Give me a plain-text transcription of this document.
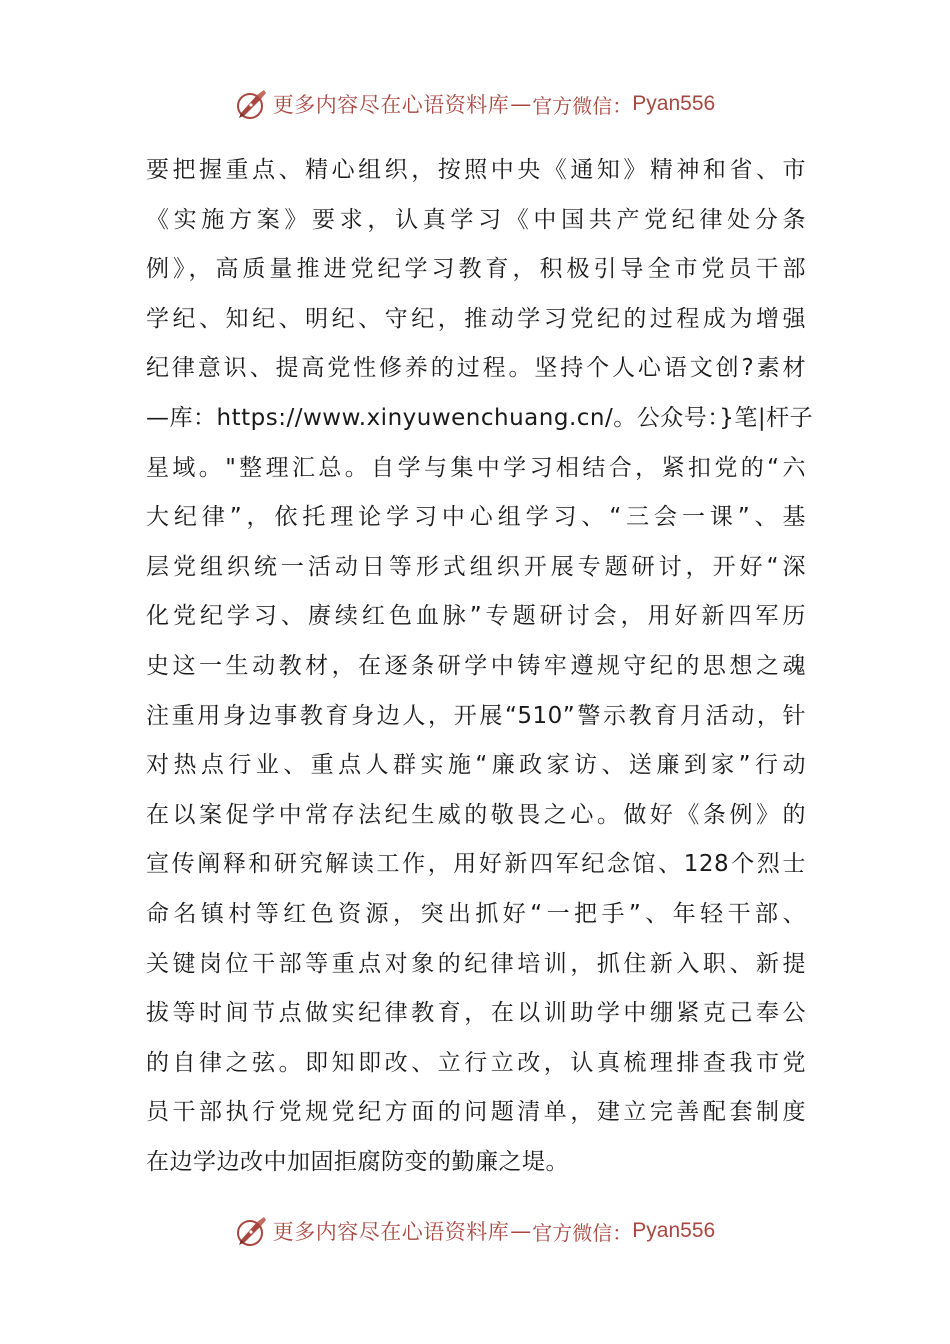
更多内容尽在心语资料库 — 官方微信： Pyan556
要把握重点、精心组织，按照中央《通知》精神和省、市
《实施方案》要求，认真学习《中国共产党纪律处分条
例》，高质量推进党纪学习教育，积极引导全市党员干部
学纪、知纪、明纪、守纪，推动学习党纪的过程成为增强
纪律意识、提高党性修养的过程。坚持个人心语文创?素材
—库：https://www.xinyuwenchuang.cn/。公众号：}笔|杆子
星域。"整理汇总。自学与集中学习相结合，紧扣党的“六
大纪律”，依托理论学习中心组学习、“三会一课”、基
层党组织统一活动日等形式组织开展专题研讨，开好“深
化党纪学习、赓续红色血脉”专题研讨会，用好新四军历
史这一生动教材，在逐条研学中铸牢遵规守纪的思想之魂
注重用身边事教育身边人，开展“510”警示教育月活动，针
对热点行业、重点人群实施“廉政家访、送廉到家”行动
在以案促学中常存法纪生威的敬畏之心。做好《条例》的
宣传阐释和研究解读工作，用好新四军纪念馆、128个烈士
命名镇村等红色资源，突出抓好“一把手”、年轻干部、
关键岗位干部等重点对象的纪律培训，抓住新入职、新提
拔等时间节点做实纪律教育，在以训助学中绷紧克己奉公
的自律之弦。即知即改、立行立改，认真梳理排查我市党
员干部执行党规党纪方面的问题清单，建立完善配套制度
在边学边改中加固拒腐防变的勤廉之堤。
更多内容尽在心语资料库 — 官方微信： Pyan556
